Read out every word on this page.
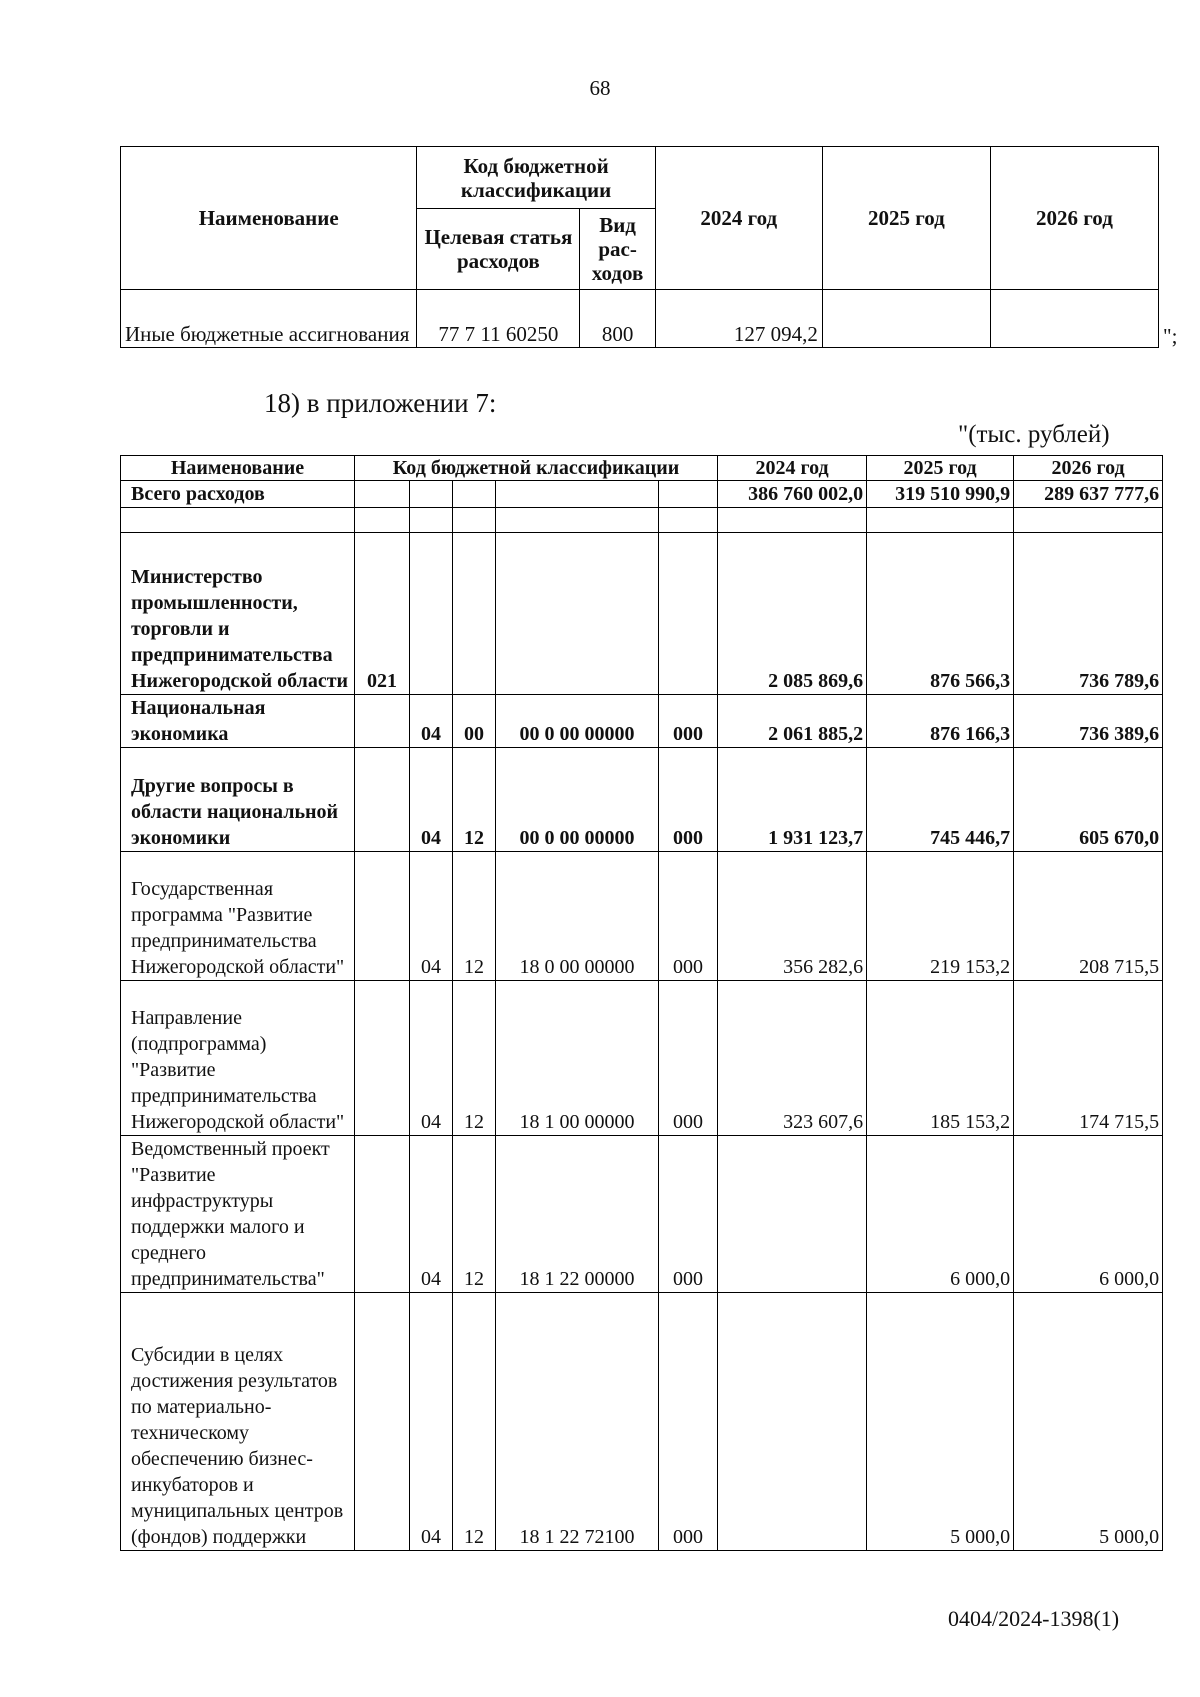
68
Наименование	Код бюджетной классификации		2024 год	2025 год	2026 год
	Целевая статья расходов	Вид рас-ходов			
Иные бюджетные ассигнования	77 7 11 60250	800	127 094,2			";
18) в приложении 7:
"(тыс. рублей)
Наименование	Код бюджетной классификации					2024 год	2025 год	2026 год
Всего расходов						386 760 002,0	319 510 990,9	289 637 777,6

Министерство промышленности, торговли и предпринимательства Нижегородской области	021					2 085 869,6	876 566,3	736 789,6
Национальная экономика		04	00	00 0 00 00000	000	2 061 885,2	876 166,3	736 389,6
Другие вопросы в области национальной экономики		04	12	00 0 00 00000	000	1 931 123,7	745 446,7	605 670,0
Государственная программа "Развитие предпринимательства Нижегородской области"		04	12	18 0 00 00000	000	356 282,6	219 153,2	208 715,5
Направление (подпрограмма) "Развитие предпринимательства Нижегородской области"		04	12	18 1 00 00000	000	323 607,6	185 153,2	174 715,5
Ведомственный проект "Развитие инфраструктуры поддержки малого и среднего предпринимательства"		04	12	18 1 22 00000	000		6 000,0	6 000,0
Субсидии в целях достижения результатов по материально-техническому обеспечению бизнес-инкубаторов и муниципальных центров (фондов) поддержки		04	12	18 1 22 72100	000		5 000,0	5 000,0
0404/2024-1398(1)
